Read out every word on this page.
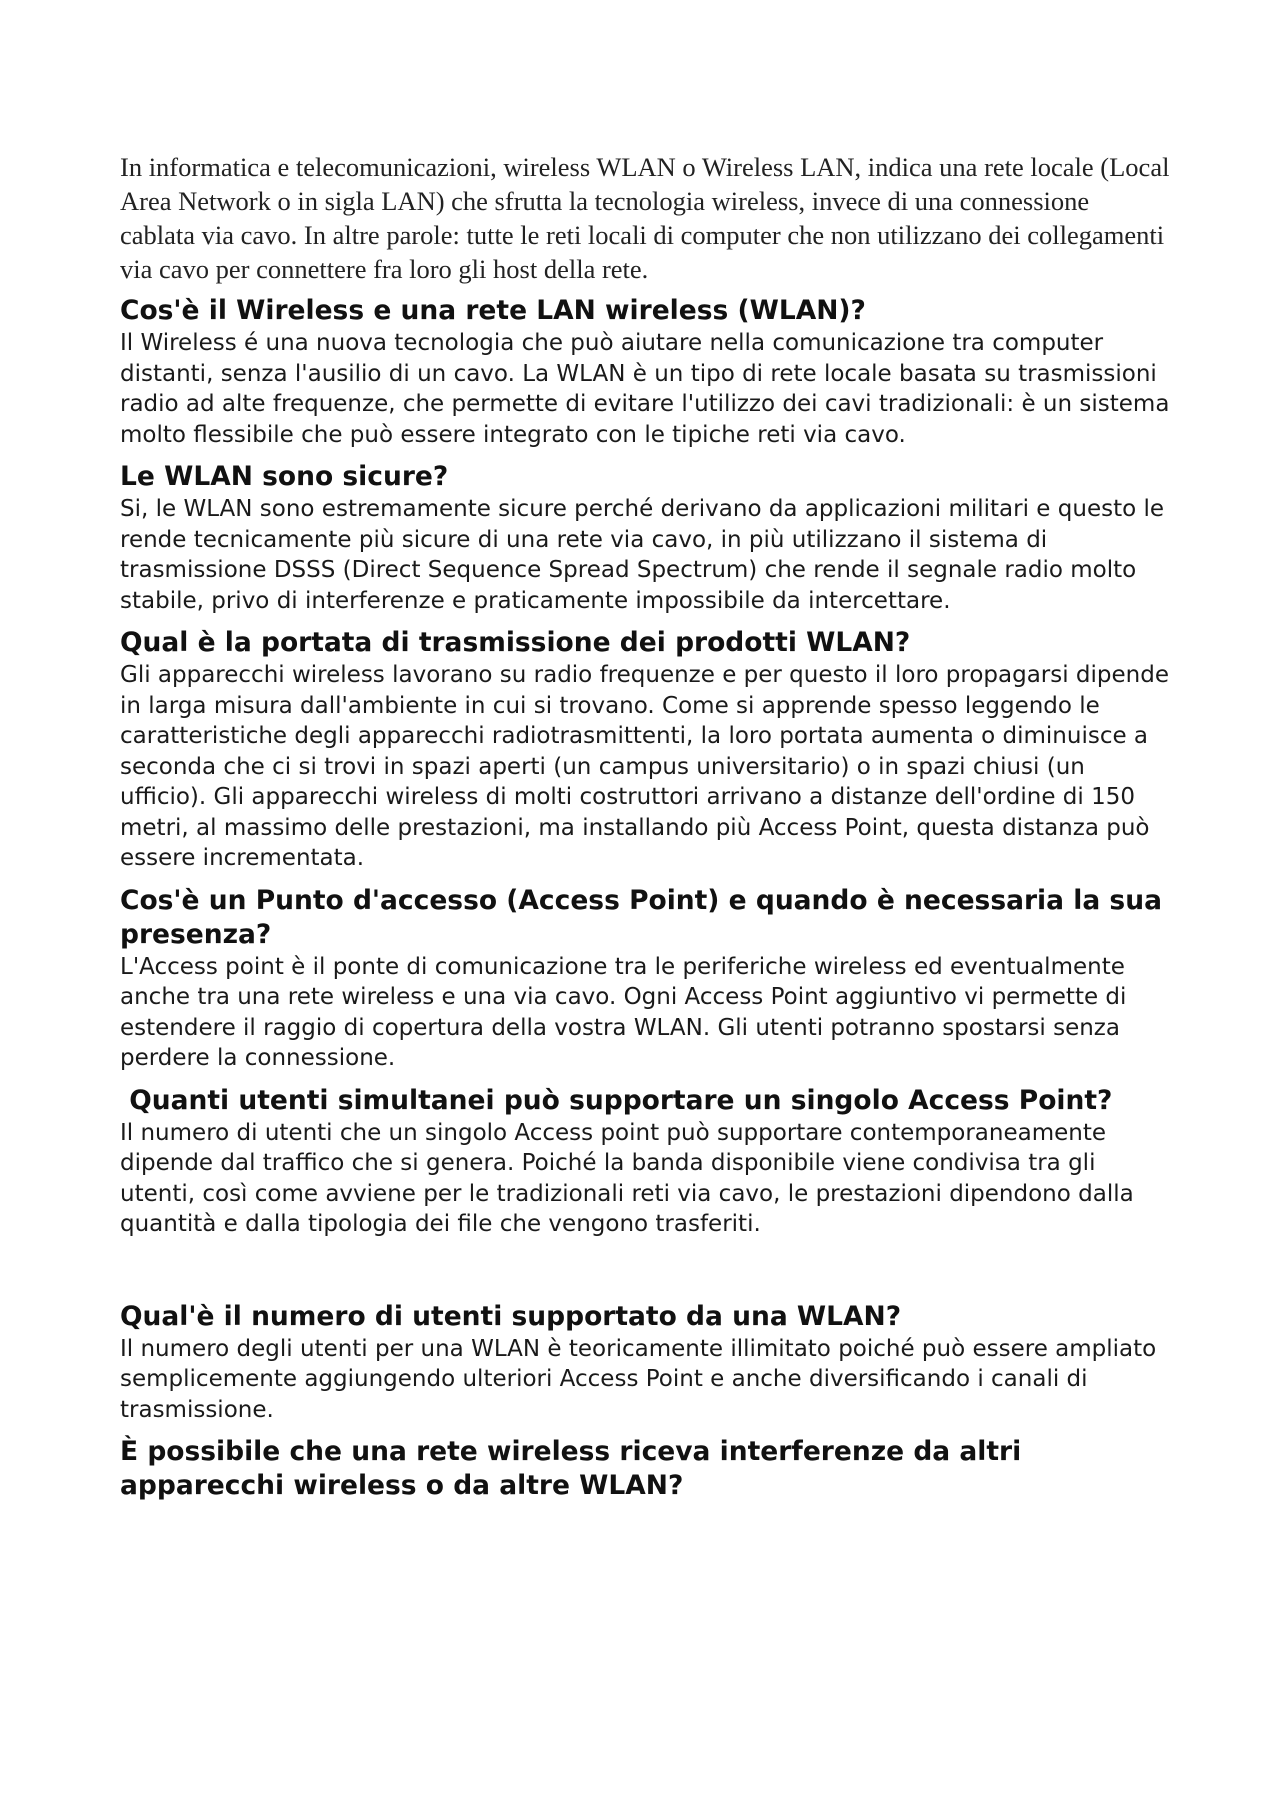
In informatica e telecomunicazioni, wireless WLAN o Wireless LAN, indica una rete locale (Local Area Network o in sigla LAN) che sfrutta la tecnologia wireless, invece di una connessione cablata via cavo. In altre parole: tutte le reti locali di computer che non utilizzano dei collegamenti via cavo per connettere fra loro gli host della rete.

Cos'è il Wireless e una rete LAN wireless (WLAN)?

Il Wireless é una nuova tecnologia che può aiutare nella comunicazione tra computer distanti, senza l'ausilio di un cavo. La WLAN è un tipo di rete locale basata su trasmissioni radio ad alte frequenze, che permette di evitare l'utilizzo dei cavi tradizionali: è un sistema molto flessibile che può essere integrato con le tipiche reti via cavo.

Le WLAN sono sicure?

Si, le WLAN sono estremamente sicure perché derivano da applicazioni militari e questo le rende tecnicamente più sicure di una rete via cavo, in più utilizzano il sistema di trasmissione DSSS (Direct Sequence Spread Spectrum) che rende il segnale radio molto stabile, privo di interferenze e praticamente impossibile da intercettare.

Qual è la portata di trasmissione dei prodotti WLAN?

Gli apparecchi wireless lavorano su radio frequenze e per questo il loro propagarsi dipende in larga misura dall'ambiente in cui si trovano. Come si apprende spesso leggendo le caratteristiche degli apparecchi radiotrasmittenti, la loro portata aumenta o diminuisce a seconda che ci si trovi in spazi aperti (un campus universitario) o in spazi chiusi (un ufficio). Gli apparecchi wireless di molti costruttori arrivano a distanze dell'ordine di 150 metri, al massimo delle prestazioni, ma installando più Access Point, questa distanza può essere incrementata.

Cos'è un Punto d'accesso (Access Point) e quando è necessaria la sua presenza?

L'Access point è il ponte di comunicazione tra le periferiche wireless ed eventualmente anche tra una rete wireless e una via cavo. Ogni Access Point aggiuntivo vi permette di estendere il raggio di copertura della vostra WLAN. Gli utenti potranno spostarsi senza perdere la connessione.

Quanti utenti simultanei può supportare un singolo Access Point?

Il numero di utenti che un singolo Access point può supportare contemporaneamente dipende dal traffico che si genera. Poiché la banda disponibile viene condivisa tra gli utenti, così come avviene per le tradizionali reti via cavo, le prestazioni dipendono dalla quantità e dalla tipologia dei file che vengono trasferiti.

Qual'è il numero di utenti supportato da una WLAN?

Il numero degli utenti per una WLAN è teoricamente illimitato poiché può essere ampliato semplicemente aggiungendo ulteriori Access Point e anche diversificando i canali di trasmissione.

È possibile che una rete wireless riceva interferenze da altri apparecchi wireless o da altre WLAN?
